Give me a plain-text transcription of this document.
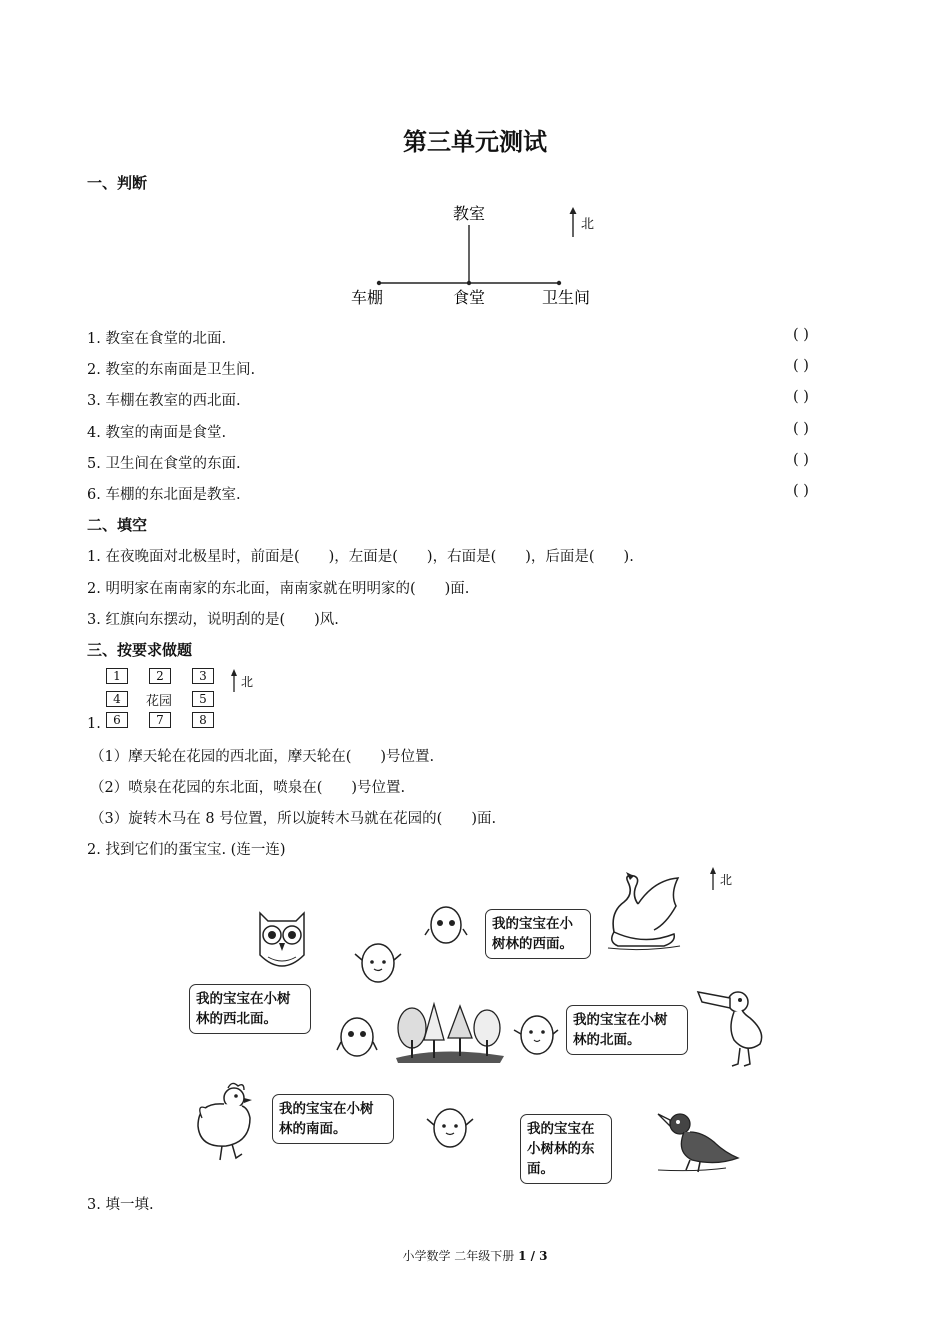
第三单元测试
一、判断
教室
车棚	食堂	卫生间
北
1. 教室在食堂的北面.	( )
2. 教室的东南面是卫生间.	( )
3. 车棚在教室的西北面.	( )
4. 教室的南面是食堂.	( )
5. 卫生间在食堂的东面.	( )
6. 车棚的东北面是教室.	( )
二、填空
1. 在夜晚面对北极星时，前面是(　　)，左面是(　　)，右面是(　　)，后面是(　　).
2. 明明家在南南家的东北面，南南家就在明明家的(　　)面.
3. 红旗向东摆动，说明刮的是(　　)风.
三、按要求做题
1	2	3
4	花园	5
6	7	8
北
1.
（1）摩天轮在花园的西北面，摩天轮在(　　)号位置.
（2）喷泉在花园的东北面，喷泉在(　　)号位置.
（3）旋转木马在 8 号位置，所以旋转木马就在花园的(　　)面.
2. 找到它们的蛋宝宝. (连一连)
北
我的宝宝在小
树林的西面。
我的宝宝在小树
林的西北面。	我的宝宝在小树
林的北面。
我的宝宝在小树
林的南面。	我的宝宝在
小树林的东
面。
3. 填一填.
小学数学 二年级下册 1 / 3
